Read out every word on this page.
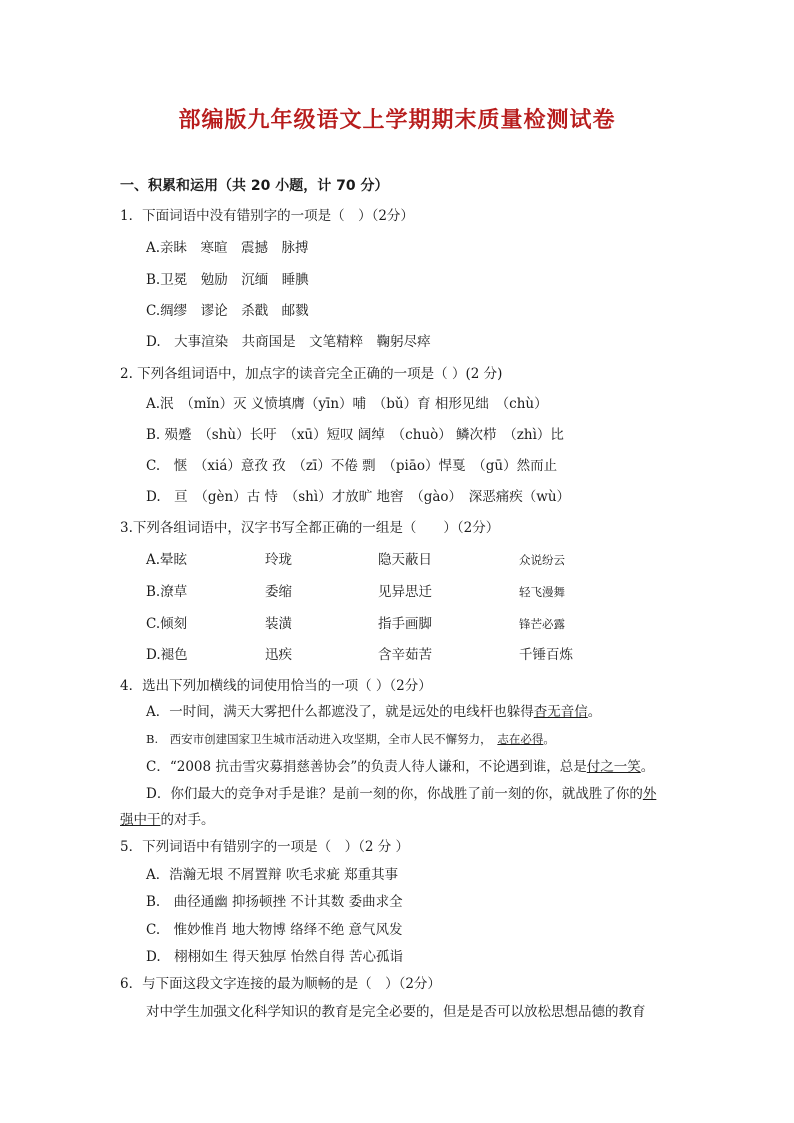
部编版九年级语文上学期期末质量检测试卷
一、积累和运用（共 20 小题，计 70 分）
1．下面词语中没有错别字的一项是（　）（2分）
A.亲眛　寒暄　震撼　脉搏
B.卫冕　勉励　沉缅　睡腆
C.绸缪　谬论　杀戳　邮戮
D.　大事渲染　共商国是　文笔精粹　鞠躬尽瘁
2. 下列各组词语中，加点字的读音完全正确的一项是（ ）(2 分)
A.泯　（mǐn）灭 义愤填膺（yīn）哺　（bǔ）育 相形见绌　（chù）
B. 殒蹙　（shù）长吁　（xū）短叹 阔绰　（chuò） 鳞次栉　（zhì）比
C.　惬　（xiá）意孜 孜　（zī）不倦 剽　（piāo）悍戛　（gū）然而止
D.　亘　（gèn）古 恃　（shì）才放旷 地窖　（gào）　深恶痛疾（wù）
3.下列各组词语中，汉字书写全都正确的一组是（　　）（2分）
A.晕眩	玲珑	隐天蔽日	众说纷云
B.潦草	委缩	见异思迁	轻飞漫舞
C.倾刻	装潢	指手画脚	锋芒必露
D.褪色	迅疾	含辛茹苦	千锤百炼
4．选出下列加横线的词使用恰当的一项（ ）（2分）
A．一时间，满天大雾把什么都遮没了，就是远处的电线杆也躲得杳无音信。
B.　西安市创建国家卫生城市活动进入攻坚期，全市人民不懈努力，　志在必得。
C．“2008 抗击雪灾募捐慈善协会”的负责人待人谦和，不论遇到谁，总是付之一笑。
D．你们最大的竞争对手是谁？是前一刻的你，你战胜了前一刻的你，就战胜了你的外
强中干的对手。
5．下列词语中有错别字的一项是（　）（2 分 ）
A．浩瀚无垠 不屑置辩 吹毛求疵 郑重其事
B.　曲径通幽 抑扬顿挫 不计其数 委曲求全
C.　惟妙惟肖 地大物博 络绎不绝 意气风发
D.　栩栩如生 得天独厚 怡然自得 苦心孤诣
6．与下面这段文字连接的最为顺畅的是（　）（2分）
对中学生加强文化科学知识的教育是完全必要的，但是是否可以放松思想品德的教育
